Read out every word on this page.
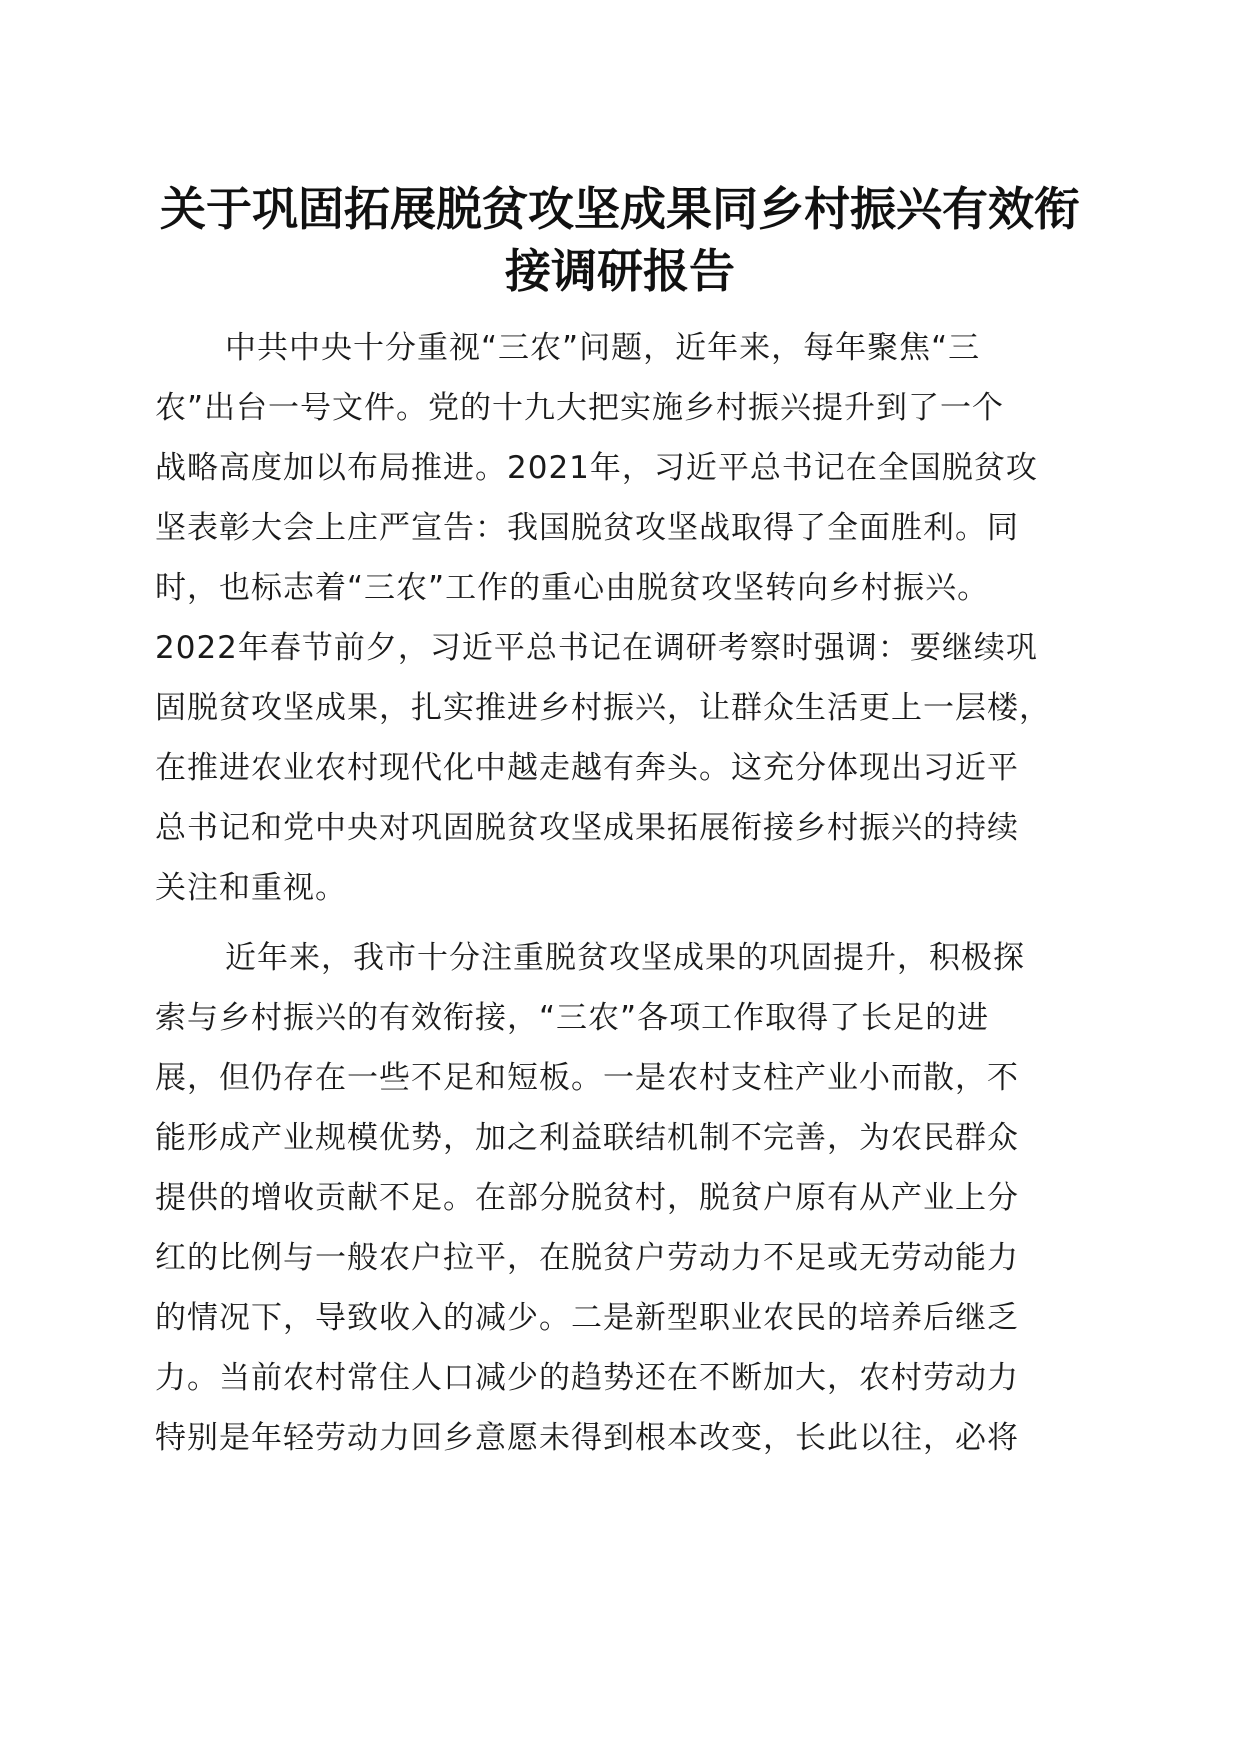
关于巩固拓展脱贫攻坚成果同乡村振兴有效衔
接调研报告

中共中央十分重视“三农”问题，近年来，每年聚焦“三
农”出台一号文件。党的十九大把实施乡村振兴提升到了一个
战略高度加以布局推进。2021年，习近平总书记在全国脱贫攻
坚表彰大会上庄严宣告：我国脱贫攻坚战取得了全面胜利。同
时，也标志着“三农”工作的重心由脱贫攻坚转向乡村振兴。
2022年春节前夕，习近平总书记在调研考察时强调：要继续巩
固脱贫攻坚成果，扎实推进乡村振兴，让群众生活更上一层楼，
在推进农业农村现代化中越走越有奔头。这充分体现出习近平
总书记和党中央对巩固脱贫攻坚成果拓展衔接乡村振兴的持续
关注和重视。

近年来，我市十分注重脱贫攻坚成果的巩固提升，积极探
索与乡村振兴的有效衔接，“三农”各项工作取得了长足的进
展，但仍存在一些不足和短板。一是农村支柱产业小而散，不
能形成产业规模优势，加之利益联结机制不完善，为农民群众
提供的增收贡献不足。在部分脱贫村，脱贫户原有从产业上分
红的比例与一般农户拉平，在脱贫户劳动力不足或无劳动能力
的情况下，导致收入的减少。二是新型职业农民的培养后继乏
力。当前农村常住人口减少的趋势还在不断加大，农村劳动力
特别是年轻劳动力回乡意愿未得到根本改变，长此以往，必将
